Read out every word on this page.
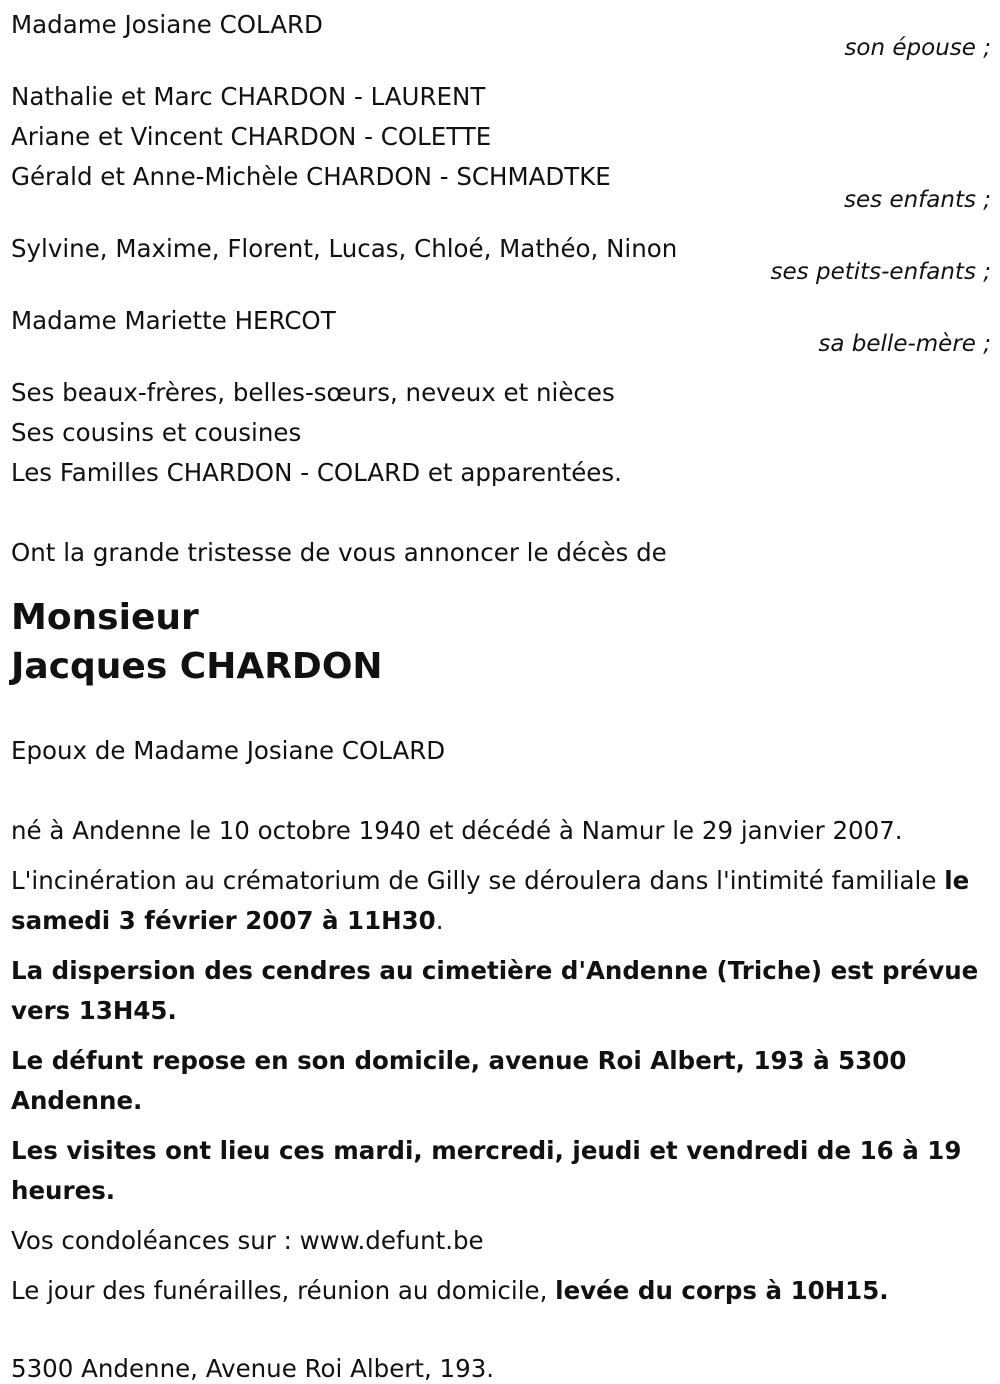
Madame Josiane COLARD
son épouse ;
Nathalie et Marc CHARDON - LAURENT
Ariane et Vincent CHARDON - COLETTE
Gérald et Anne-Michèle CHARDON - SCHMADTKE
ses enfants ;
Sylvine, Maxime, Florent, Lucas, Chloé, Mathéo, Ninon
ses petits-enfants ;
Madame Mariette HERCOT
sa belle-mère ;
Ses beaux-frères, belles-sœurs, neveux et nièces
Ses cousins et cousines
Les Familles CHARDON - COLARD et apparentées.
Ont la grande tristesse de vous annoncer le décès de
Monsieur
Jacques CHARDON
Epoux de Madame Josiane COLARD

né à Andenne le 10 octobre 1940 et décédé à Namur le 29 janvier 2007.

L'incinération au crématorium de Gilly se déroulera dans l'intimité familiale le samedi 3 février 2007 à 11H30.

La dispersion des cendres au cimetière d'Andenne (Triche) est prévue vers 13H45.

Le défunt repose en son domicile, avenue Roi Albert, 193 à 5300 Andenne.

Les visites ont lieu ces mardi, mercredi, jeudi et vendredi de 16 à 19 heures.

Vos condoléances sur : www.defunt.be

Le jour des funérailles, réunion au domicile, levée du corps à 10H15.

5300 Andenne, Avenue Roi Albert, 193.
